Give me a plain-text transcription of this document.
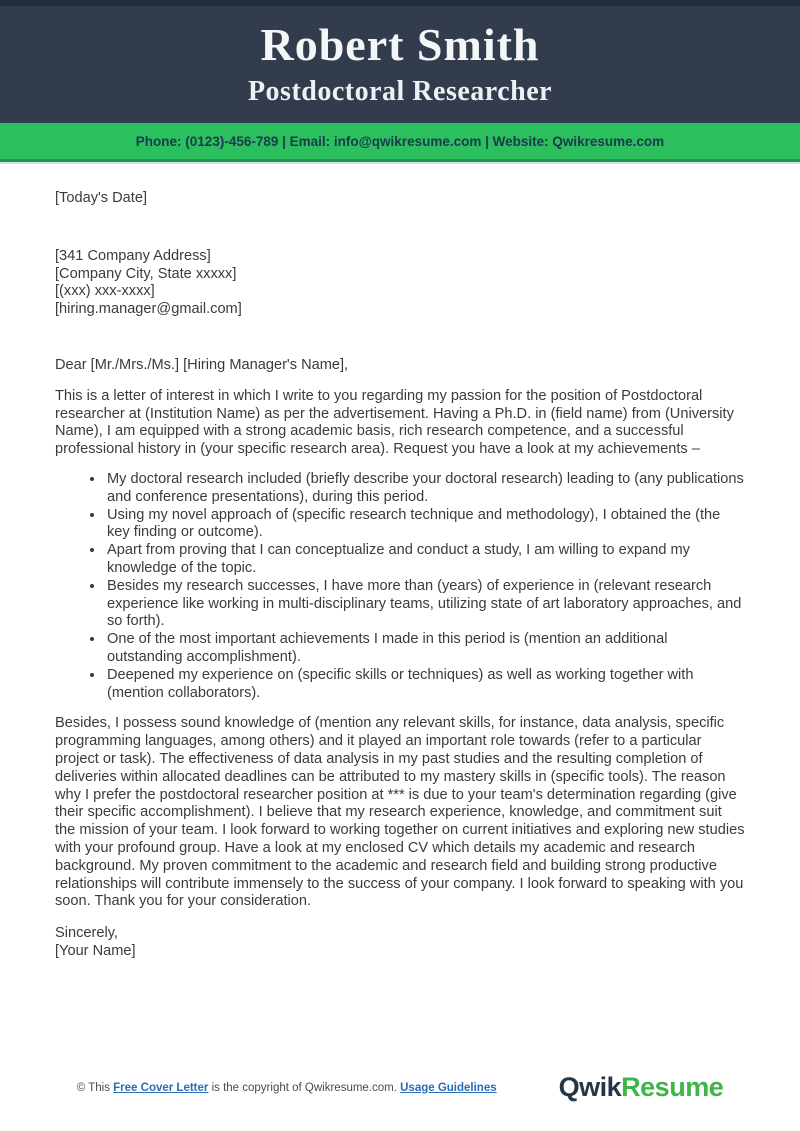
Robert Smith
Postdoctoral Researcher
Phone: (0123)-456-789 | Email: info@qwikresume.com | Website: Qwikresume.com
[Today's Date]
[341 Company Address]
[Company City, State xxxxx]
[(xxx) xxx-xxxx]
[hiring.manager@gmail.com]
Dear [Mr./Mrs./Ms.] [Hiring Manager's Name],

This is a letter of interest in which I write to you regarding my passion for the position of Postdoctoral researcher at (Institution Name) as per the advertisement. Having a Ph.D. in (field name) from (University Name), I am equipped with a strong academic basis, rich research competence, and a successful professional history in (your specific research area). Request you have a look at my achievements –

• My doctoral research included (briefly describe your doctoral research) leading to (any publications and conference presentations), during this period.
• Using my novel approach of (specific research technique and methodology), I obtained the (the key finding or outcome).
• Apart from proving that I can conceptualize and conduct a study, I am willing to expand my knowledge of the topic.
• Besides my research successes, I have more than (years) of experience in (relevant research experience like working in multi-disciplinary teams, utilizing state of art laboratory approaches, and so forth).
• One of the most important achievements I made in this period is (mention an additional outstanding accomplishment).
• Deepened my experience on (specific skills or techniques) as well as working together with (mention collaborators).

Besides, I possess sound knowledge of (mention any relevant skills, for instance, data analysis, specific programming languages, among others) and it played an important role towards (refer to a particular project or task). The effectiveness of data analysis in my past studies and the resulting completion of deliveries within allocated deadlines can be attributed to my mastery skills in (specific tools). The reason why I prefer the postdoctoral researcher position at *** is due to your team's determination regarding (give their specific accomplishment). I believe that my research experience, knowledge, and commitment suit the mission of your team. I look forward to working together on current initiatives and exploring new studies with your profound group. Have a look at my enclosed CV which details my academic and research background. My proven commitment to the academic and research field and building strong productive relationships will contribute immensely to the success of your company. I look forward to speaking with you soon. Thank you for your consideration.

Sincerely,
[Your Name]
© This Free Cover Letter is the copyright of Qwikresume.com. Usage Guidelines QwikResume
